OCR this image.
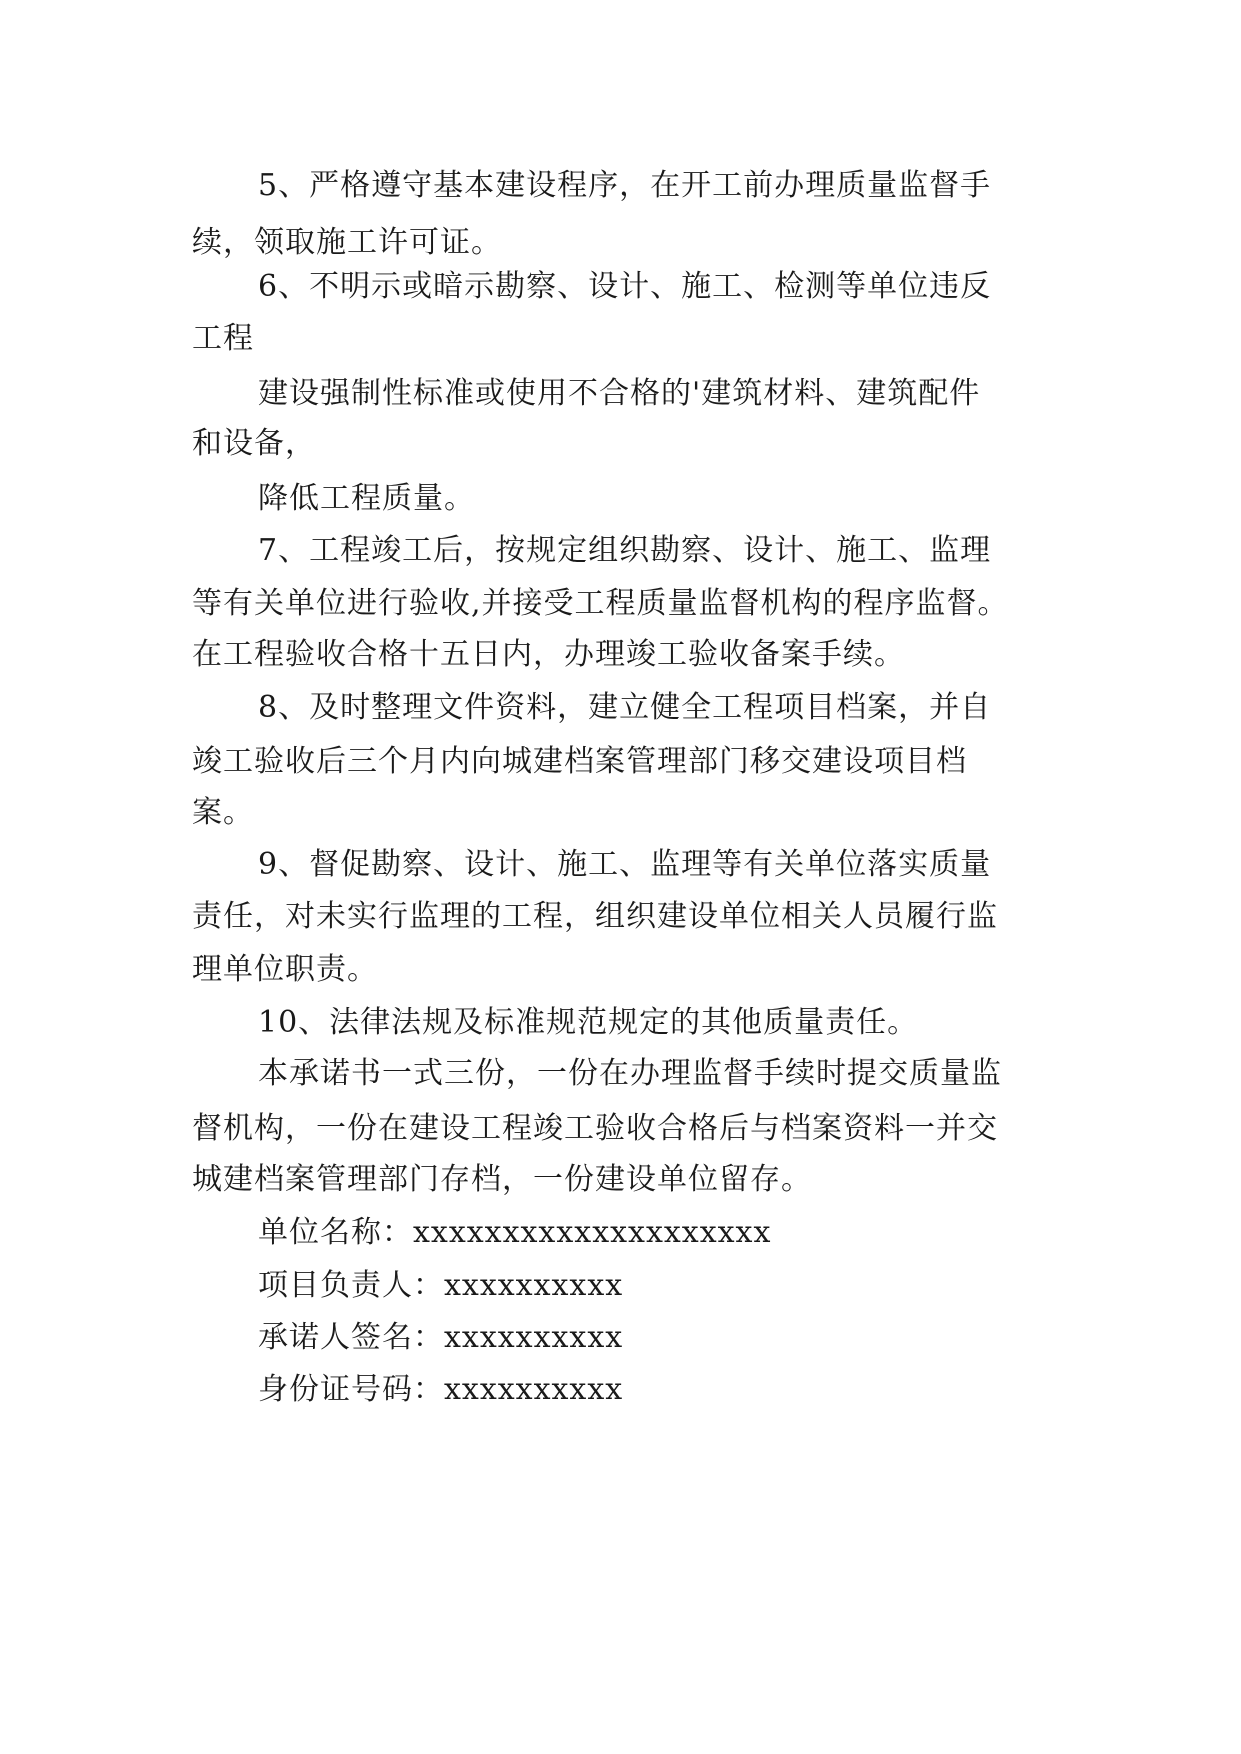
5、严格遵守基本建设程序，在开工前办理质量监督手
续，领取施工许可证。
6、不明示或暗示勘察、设计、施工、检测等单位违反
工程
建设强制性标准或使用不合格的'建筑材料、建筑配件
和设备，
降低工程质量。
7、工程竣工后，按规定组织勘察、设计、施工、监理
等有关单位进行验收,并接受工程质量监督机构的程序监督。
在工程验收合格十五日内，办理竣工验收备案手续。
8、及时整理文件资料，建立健全工程项目档案，并自
竣工验收后三个月内向城建档案管理部门移交建设项目档
案。
9、督促勘察、设计、施工、监理等有关单位落实质量
责任，对未实行监理的工程，组织建设单位相关人员履行监
理单位职责。
10、法律法规及标准规范规定的其他质量责任。
本承诺书一式三份，一份在办理监督手续时提交质量监
督机构，一份在建设工程竣工验收合格后与档案资料一并交
城建档案管理部门存档，一份建设单位留存。
单位名称：xxxxxxxxxxxxxxxxxxxx
项目负责人：xxxxxxxxxx
承诺人签名：xxxxxxxxxx
身份证号码：xxxxxxxxxx
